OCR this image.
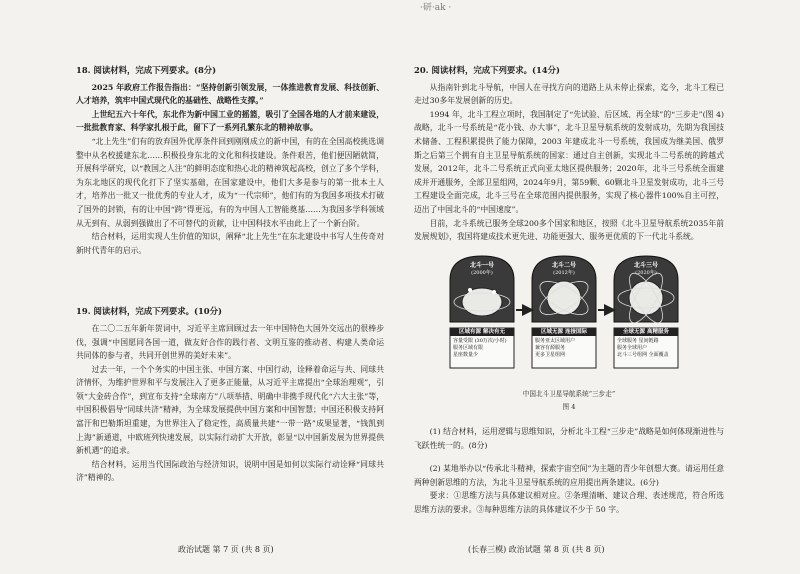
·研·ak ·
18. 阅读材料，完成下列要求。(8分)

2025 年政府工作报告指出：“坚持创新引领发展，一体推进教育发展、科技创新、人才培养，筑牢中国式现代化的基础性、战略性支撑。”

上世纪五六十年代，东北作为新中国工业的摇篮，吸引了全国各地的人才前来建设，一批批教育家、科学家扎根于此，留下了一系列孔繁东北的精神故事。

“北上先生”们有的放弃国外优厚条件回到刚刚成立的新中国，有的在全国高校挑选调整中从名校援建东北……积极投身东北的文化和科技建设。条件艰苦，他们便因陋就简，开展科学研究，以“教国之人注”的鲜明态度和热心北的精神筑起高校，创立了多个学科，为东北地区的现代化打下了坚实基础，在国家建设中，他们大多是参与的第一批本土人才，培养出一批又一批优秀的专业人才，成为“一代宗师”，他们有的为我国多项技术打破了国外的封锁，有的让中国“跨”得更远，有的为中国人工智能奠基……为我国多学科领域从无到有、从弱到强做出了不可替代的贡献，让中国科技水平由此上了一个新台阶。

结合材料，运用实现人生价值的知识，阐释“北上先生”在东北建设中书写人生传奇对新时代青年的启示。

19. 阅读材料，完成下列要求。(10分)

在二〇二五年新年贺词中，习近平主席回顾过去一年中国特色大国外交远出的很棒步伐，强调“中国愿同各国一道，做友好合作的践行者、文明互鉴的推动者、构建人类命运共同体的参与者，共同开创世界的美好未来”。

过去一年，一个个务实的中国主张、中国方案、中国行动，诠释着命运与共、同球共济情怀，为维护世界和平与发展注入了更多正能量，从习近平主席提出“全球治理观”，引领“大金砖合作”，到宣布支持“全球南方”八项举措、明确中非携手现代化“六大主张”等，中国积极倡导“同球共济”精神，为全球发展提供中国方案和中国智慧；中国还积极支持阿富汗和巴勒斯坦重建，为世界注入了稳定性，高质量共建“一带一路”成果显著，“钱凯到上海”新通道，中欧班列快速发展，以实际行动扩大开放，彰显“以中国新发展为世界提供新机遇”的追求。

结合材料，运用当代国际政治与经济知识，说明中国是如何以实际行动诠释“同球共济”精神的。

20. 阅读材料，完成下列要求。(14分)

从指南针到北斗导航，中国人在寻找方向的道路上从未停止探索，迄今，北斗工程已走过30多年发展创新的历史。

1994 年，北斗工程立项时，我国制定了“先试验、后区域、再全球”的“三步走”(图 4) 战略，北斗一号系统是“花小钱、办大事”，北斗卫星导航系统的发射成功，先期为我国技术储备、工程积累提供了能力保障，2003 年建成北斗一号系统，我国成为继美国、俄罗斯之后第三个拥有自主卫星导航系统的国家：通过自主创新，实现北斗二号系统的跨越式发展，2012年，北斗二号系统正式向亚太地区提供服务；2020年，北斗三号系统全面建成并开通服务，全部卫星组网，2024年9月，第59颗、60颗北斗卫星发射成功，北斗三号工程建设全面完成，北斗三号在全球范围内提供服务，实现了核心器件100%自主可控，迈出了中国北斗的“中国速度”。

目前，北斗系统已服务全球200多个国家和地区，按照《北斗卫星导航系统2035年前发展规划》，我国将建成技术更先进、功能更强大、服务更优质的下一代北斗系统。

北斗一号
(2000年)
北斗二号
(2012年)
北斗三号
(2020年)
区域有源 解决有无
容量受限 (30万次/小时)
服务区域有限
星座数量少
区域无源 连接国际
服务亚太区域用户
兼容有源服务
更多卫星组网
全球无源 高精服务
全球服务 星间链路
服务全球用户
北斗三号组网 全面覆盖
中国北斗卫星导航系统“三步走”
图 4

(1) 结合材料，运用逻辑与思维知识，分析北斗工程“三步走”战略是如何体现渐进性与飞跃性统一的。(8分)

(2) 某地举办以“传承北斗精神，探索宇宙空间”为主题的青少年创想大赛。请运用任意两种创新思维的方法，为北斗卫星导航系统的应用提出两条建议。(6分)

要求：①思维方法与具体建议相对应。②条理清晰、建议合理、表述规范，符合所选思维方法的要求。③每种思维方法的具体建议不少于 50 字。

政治试题 第 7 页 (共 8 页)	(长春三模) 政治试题 第 8 页 (共 8 页)
